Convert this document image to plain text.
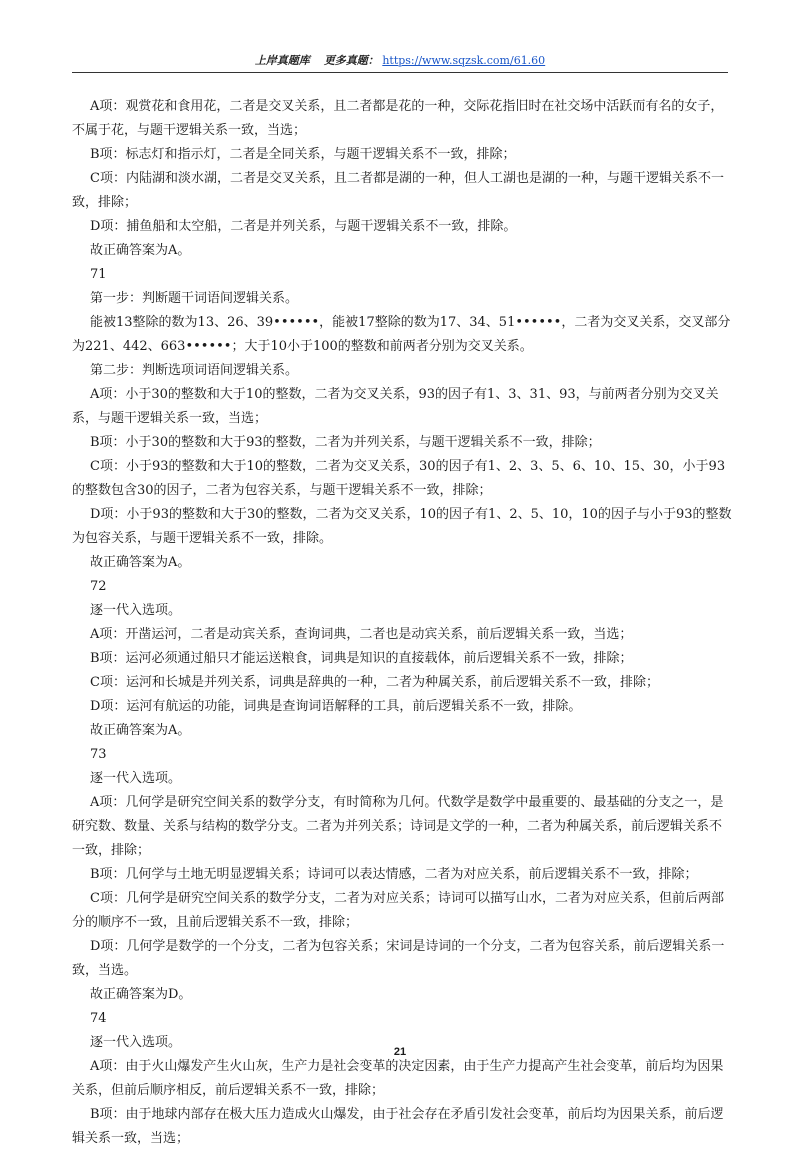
上岸真题库 更多真题： https://www.sqzsk.com/61.60

A项：观赏花和食用花，二者是交叉关系，且二者都是花的一种，交际花指旧时在社交场中活跃而有名的女子，不属于花，与题干逻辑关系一致，当选；

B项：标志灯和指示灯，二者是全同关系，与题干逻辑关系不一致，排除；

C项：内陆湖和淡水湖，二者是交叉关系，且二者都是湖的一种，但人工湖也是湖的一种，与题干逻辑关系不一致，排除；

D项：捕鱼船和太空船，二者是并列关系，与题干逻辑关系不一致，排除。

故正确答案为A。

71

第一步：判断题干词语间逻辑关系。

能被13整除的数为13、26、39••••••，能被17整除的数为17、34、51••••••，二者为交叉关系，交叉部分为221、442、663••••••；大于10小于100的整数和前两者分别为交叉关系。

第二步：判断选项词语间逻辑关系。

A项：小于30的整数和大于10的整数，二者为交叉关系，93的因子有1、3、31、93，与前两者分别为交叉关系，与题干逻辑关系一致，当选；

B项：小于30的整数和大于93的整数，二者为并列关系，与题干逻辑关系不一致，排除；

C项：小于93的整数和大于10的整数，二者为交叉关系，30的因子有1、2、3、5、6、10、15、30，小于93的整数包含30的因子，二者为包容关系，与题干逻辑关系不一致，排除；

D项：小于93的整数和大于30的整数，二者为交叉关系，10的因子有1、2、5、10，10的因子与小于93的整数为包容关系，与题干逻辑关系不一致，排除。

故正确答案为A。

72

逐一代入选项。

A项：开凿运河，二者是动宾关系，查询词典，二者也是动宾关系，前后逻辑关系一致，当选；

B项：运河必须通过船只才能运送粮食，词典是知识的直接载体，前后逻辑关系不一致，排除；

C项：运河和长城是并列关系，词典是辞典的一种，二者为种属关系，前后逻辑关系不一致，排除；

D项：运河有航运的功能，词典是查询词语解释的工具，前后逻辑关系不一致，排除。

故正确答案为A。

73

逐一代入选项。

A项：几何学是研究空间关系的数学分支，有时简称为几何。代数学是数学中最重要的、最基础的分支之一，是研究数、数量、关系与结构的数学分支。二者为并列关系；诗词是文学的一种，二者为种属关系，前后逻辑关系不一致，排除；

B项：几何学与土地无明显逻辑关系；诗词可以表达情感，二者为对应关系，前后逻辑关系不一致，排除；

C项：几何学是研究空间关系的数学分支，二者为对应关系；诗词可以描写山水，二者为对应关系，但前后两部分的顺序不一致，且前后逻辑关系不一致，排除；

D项：几何学是数学的一个分支，二者为包容关系；宋词是诗词的一个分支，二者为包容关系，前后逻辑关系一致，当选。

故正确答案为D。

74

逐一代入选项。

A项：由于火山爆发产生火山灰，生产力是社会变革的决定因素，由于生产力提高产生社会变革，前后均为因果关系，但前后顺序相反，前后逻辑关系不一致，排除；

B项：由于地球内部存在极大压力造成火山爆发，由于社会存在矛盾引发社会变革，前后均为因果关系，前后逻辑关系一致，当选；

21
